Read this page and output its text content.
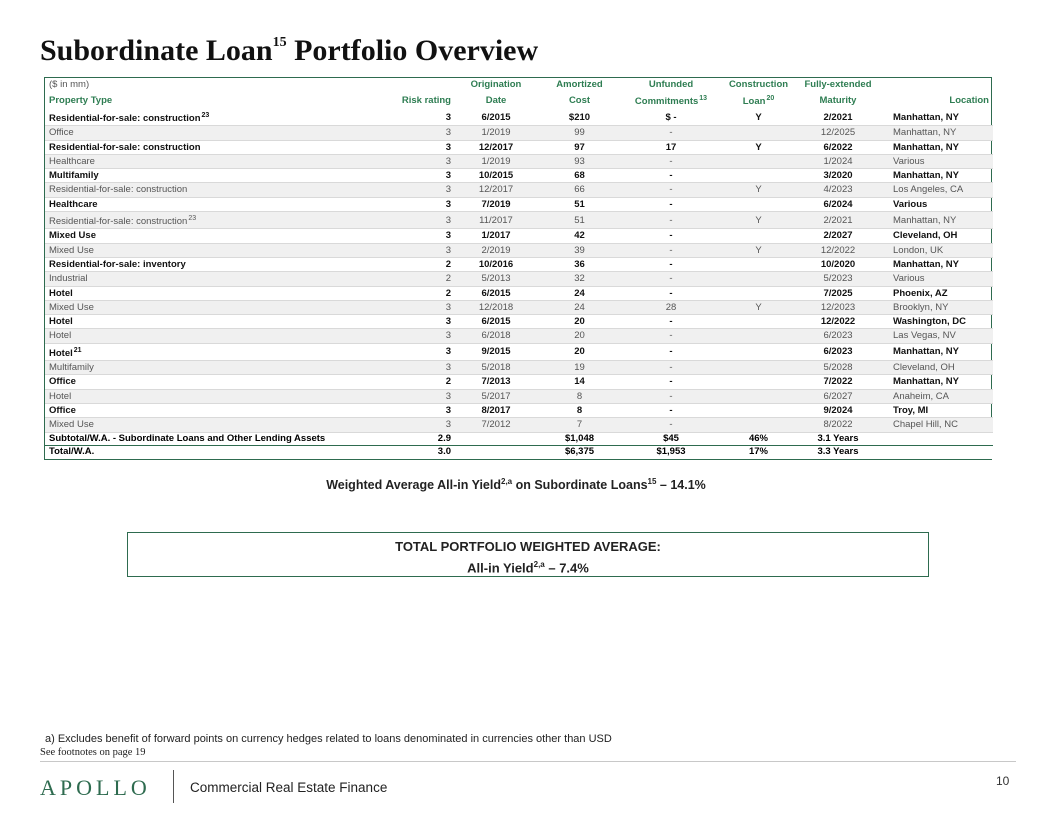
Subordinate Loan$^{15}$ Portfolio Overview
($ in mm)		Origination	Amortized	Unfunded	Construction	Fully-extended	
Property Type	Risk rating	Date	Cost	Commitments$^{13}$	Loan$^{20}$	Maturity	Location
Residential-for-sale: construction$^{23}$	3	6/2015	$210	$ -	Y	2/2021	Manhattan, NY
Office	3	1/2019	99	-		12/2025	Manhattan, NY
Residential-for-sale: construction	3	12/2017	97	17	Y	6/2022	Manhattan, NY
Healthcare	3	1/2019	93	-		1/2024	Various
Multifamily	3	10/2015	68	-		3/2020	Manhattan, NY
Residential-for-sale: construction	3	12/2017	66	-	Y	4/2023	Los Angeles, CA
Healthcare	3	7/2019	51	-		6/2024	Various
Residential-for-sale: construction$^{23}$	3	11/2017	51	-	Y	2/2021	Manhattan, NY
Mixed Use	3	1/2017	42	-		2/2027	Cleveland, OH
Mixed Use	3	2/2019	39	-	Y	12/2022	London, UK
Residential-for-sale: inventory	2	10/2016	36	-		10/2020	Manhattan, NY
Industrial	2	5/2013	32	-		5/2023	Various
Hotel	2	6/2015	24	-		7/2025	Phoenix, AZ
Mixed Use	3	12/2018	24	28	Y	12/2023	Brooklyn, NY
Hotel	3	6/2015	20	-		12/2022	Washington, DC
Hotel	3	6/2018	20	-		6/2023	Las Vegas, NV
Hotel$^{21}$	3	9/2015	20	-		6/2023	Manhattan, NY
Multifamily	3	5/2018	19	-		5/2028	Cleveland, OH
Office	2	7/2013	14	-		7/2022	Manhattan, NY
Hotel	3	5/2017	8	-		6/2027	Anaheim, CA
Office	3	8/2017	8	-		9/2024	Troy, MI
Mixed Use	3	7/2012	7	-		8/2022	Chapel Hill, NC
Subtotal/W.A. - Subordinate Loans and Other Lending Assets	2.9		$1,048	$45	46%	3.1 Years	
Total/W.A.	3.0		$6,375	$1,953	17%	3.3 Years	
Weighted Average All-in Yield$^{2,a}$ on Subordinate Loans$^{15}$ – 14.1%
TOTAL PORTFOLIO WEIGHTED AVERAGE:
All-in Yield$^{2,a}$ – 7.4%
a) Excludes benefit of forward points on currency hedges related to loans denominated in currencies other than USD
See footnotes on page 19
APOLLO	Commercial Real Estate Finance	10
